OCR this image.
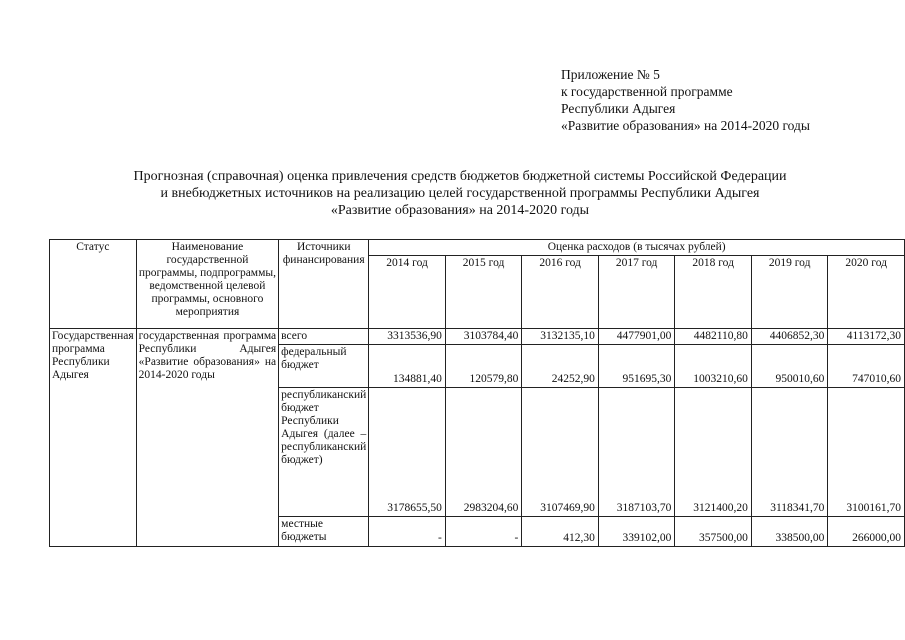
Приложение № 5
к государственной программе
Республики Адыгея
«Развитие образования» на 2014-2020 годы
Прогнозная (справочная) оценка привлечения средств бюджетов бюджетной системы Российской Федерации
и внебюджетных источников на реализацию целей государственной программы Республики Адыгея
«Развитие образования» на 2014-2020 годы
Статус	Наименование государственной программы, подпрограммы, ведомственной целевой программы, основного мероприятия	Источники финансирования	Оценка расходов (в тысячах рублей)						
			2014 год	2015 год	2016 год	2017 год	2018 год	2019 год	2020 год
Государственная программа Республики Адыгея	государственная программа Республики Адыгея «Развитие образования» на 2014-2020 годы	всего	3313536,90	3103784,40	3132135,10	4477901,00	4482110,80	4406852,30	4113172,30
		федеральный бюджет	134881,40	120579,80	24252,90	951695,30	1003210,60	950010,60	747010,60
		республиканский бюджет Республики Адыгея (далее – республиканский бюджет)	3178655,50	2983204,60	3107469,90	3187103,70	3121400,20	3118341,70	3100161,70
		местные бюджеты	-	-	412,30	339102,00	357500,00	338500,00	266000,00
